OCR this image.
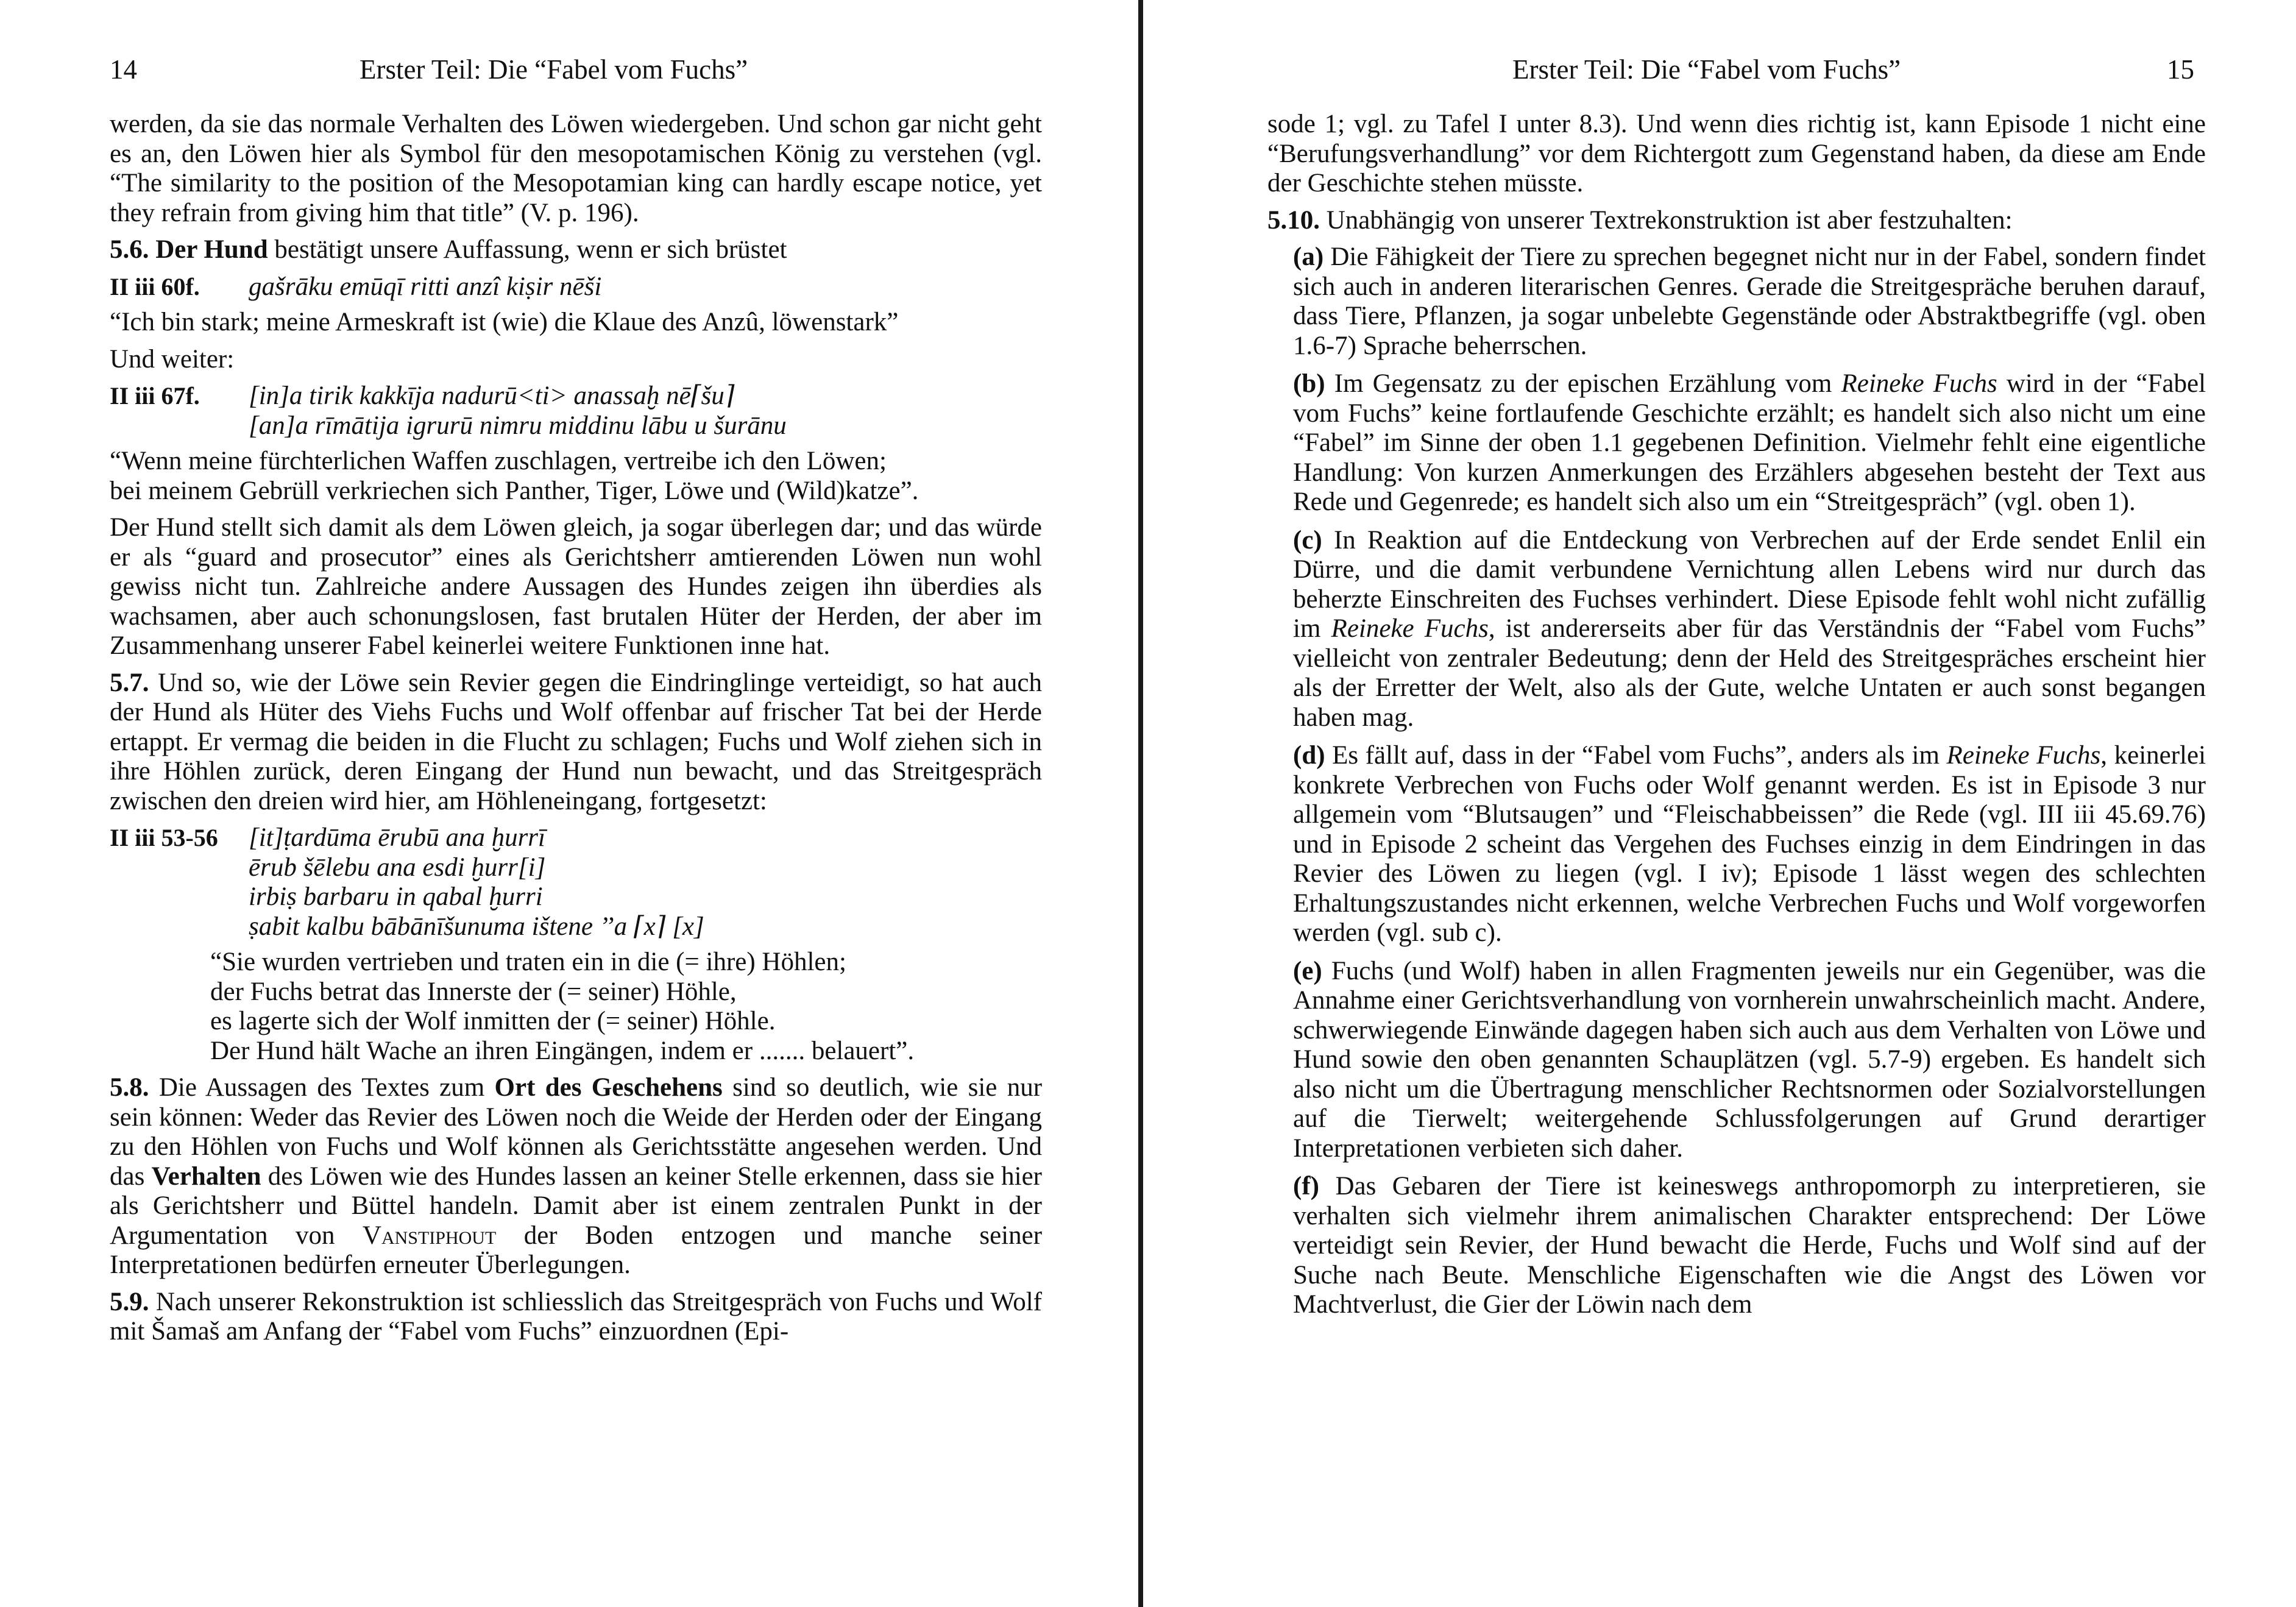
14	Erster Teil: Die “Fabel vom Fuchs”

werden, da sie das normale Verhalten des Löwen wiedergeben. Und schon gar nicht geht es an, den Löwen hier als Symbol für den mesopotamischen König zu verstehen (vgl. “The similarity to the position of the Mesopotamian king can hardly escape notice, yet they refrain from giving him that title” (V. p. 196).

5.6. Der Hund bestätigt unsere Auffassung, wenn er sich brüstet

II iii 60f.	gašrāku emūqī ritti anzî kiṣir nēši

“Ich bin stark; meine Armeskraft ist (wie) die Klaue des Anzû, löwenstark”

Und weiter:

II iii 67f.	[in]a tirik kakkīja nadurū<ti> anassaḫ nē⌈šu⌉
[an]a rīmātija igrurū nimru middinu lābu u šurānu
“Wenn meine fürchterlichen Waffen zuschlagen, vertreibe ich den Löwen;
bei meinem Gebrüll verkriechen sich Panther, Tiger, Löwe und (Wild)katze”.

Der Hund stellt sich damit als dem Löwen gleich, ja sogar überlegen dar; und das würde er als “guard and prosecutor” eines als Gerichtsherr amtierenden Löwen nun wohl gewiss nicht tun. Zahlreiche andere Aussagen des Hundes zeigen ihn überdies als wachsamen, aber auch schonungslosen, fast brutalen Hüter der Herden, der aber im Zusammenhang unserer Fabel keinerlei weitere Funktionen inne hat.

5.7. Und so, wie der Löwe sein Revier gegen die Eindringlinge verteidigt, so hat auch der Hund als Hüter des Viehs Fuchs und Wolf offenbar auf frischer Tat bei der Herde ertappt. Er vermag die beiden in die Flucht zu schlagen; Fuchs und Wolf ziehen sich in ihre Höhlen zurück, deren Eingang der Hund nun bewacht, und das Streitgespräch zwischen den dreien wird hier, am Höhleneingang, fortgesetzt:

II iii 53-56	[it]ṭardūma ērubū ana ḫurrī
ērub šēlebu ana esdi ḫurr[i]
irbiṣ barbaru in qabal ḫurri
ṣabit kalbu bābānīšunuma ištene ’’a ⌈x⌉ [x]
“Sie wurden vertrieben und traten ein in die (= ihre) Höhlen;
der Fuchs betrat das Innerste der (= seiner) Höhle,
es lagerte sich der Wolf inmitten der (= seiner) Höhle.
Der Hund hält Wache an ihren Eingängen, indem er ....... belauert”.

5.8. Die Aussagen des Textes zum Ort des Geschehens sind so deutlich, wie sie nur sein können: Weder das Revier des Löwen noch die Weide der Herden oder der Eingang zu den Höhlen von Fuchs und Wolf können als Gerichtsstätte angesehen werden. Und das Verhalten des Löwen wie des Hundes lassen an keiner Stelle erkennen, dass sie hier als Gerichtsherr und Büttel handeln. Damit aber ist einem zentralen Punkt in der Argumentation von Vanstiphout der Boden entzogen und manche seiner Interpretationen bedürfen erneuter Überlegungen.

5.9. Nach unserer Rekonstruktion ist schliesslich das Streitgespräch von Fuchs und Wolf mit Šamaš am Anfang der “Fabel vom Fuchs” einzuordnen (Epi-

Erster Teil: Die “Fabel vom Fuchs”	15

sode 1; vgl. zu Tafel I unter 8.3). Und wenn dies richtig ist, kann Episode 1 nicht eine “Berufungsverhandlung” vor dem Richtergott zum Gegenstand haben, da diese am Ende der Geschichte stehen müsste.

5.10. Unabhängig von unserer Textrekonstruktion ist aber festzuhalten:

(a) Die Fähigkeit der Tiere zu sprechen begegnet nicht nur in der Fabel, sondern findet sich auch in anderen literarischen Genres. Gerade die Streitgespräche beruhen darauf, dass Tiere, Pflanzen, ja sogar unbelebte Gegenstände oder Abstraktbegriffe (vgl. oben 1.6-7) Sprache beherrschen.

(b) Im Gegensatz zu der epischen Erzählung vom Reineke Fuchs wird in der “Fabel vom Fuchs” keine fortlaufende Geschichte erzählt; es handelt sich also nicht um eine “Fabel” im Sinne der oben 1.1 gegebenen Definition. Vielmehr fehlt eine eigentliche Handlung: Von kurzen Anmerkungen des Erzählers abgesehen besteht der Text aus Rede und Gegenrede; es handelt sich also um ein “Streitgespräch” (vgl. oben 1).

(c) In Reaktion auf die Entdeckung von Verbrechen auf der Erde sendet Enlil ein Dürre, und die damit verbundene Vernichtung allen Lebens wird nur durch das beherzte Einschreiten des Fuchses verhindert. Diese Episode fehlt wohl nicht zufällig im Reineke Fuchs, ist andererseits aber für das Verständnis der “Fabel vom Fuchs” vielleicht von zentraler Bedeutung; denn der Held des Streitgespräches erscheint hier als der Erretter der Welt, also als der Gute, welche Untaten er auch sonst begangen haben mag.

(d) Es fällt auf, dass in der “Fabel vom Fuchs”, anders als im Reineke Fuchs, keinerlei konkrete Verbrechen von Fuchs oder Wolf genannt werden. Es ist in Episode 3 nur allgemein vom “Blutsaugen” und “Fleischabbeissen” die Rede (vgl. III iii 45.69.76) und in Episode 2 scheint das Vergehen des Fuchses einzig in dem Eindringen in das Revier des Löwen zu liegen (vgl. I iv); Episode 1 lässt wegen des schlechten Erhaltungszustandes nicht erkennen, welche Verbrechen Fuchs und Wolf vorgeworfen werden (vgl. sub c).

(e) Fuchs (und Wolf) haben in allen Fragmenten jeweils nur ein Gegenüber, was die Annahme einer Gerichtsverhandlung von vornherein unwahrscheinlich macht. Andere, schwerwiegende Einwände dagegen haben sich auch aus dem Verhalten von Löwe und Hund sowie den oben genannten Schauplätzen (vgl. 5.7-9) ergeben. Es handelt sich also nicht um die Übertragung menschlicher Rechtsnormen oder Sozialvorstellungen auf die Tierwelt; weitergehende Schlussfolgerungen auf Grund derartiger Interpretationen verbieten sich daher.

(f) Das Gebaren der Tiere ist keineswegs anthropomorph zu interpretieren, sie verhalten sich vielmehr ihrem animalischen Charakter entsprechend: Der Löwe verteidigt sein Revier, der Hund bewacht die Herde, Fuchs und Wolf sind auf der Suche nach Beute. Menschliche Eigenschaften wie die Angst des Löwen vor Machtverlust, die Gier der Löwin nach dem
